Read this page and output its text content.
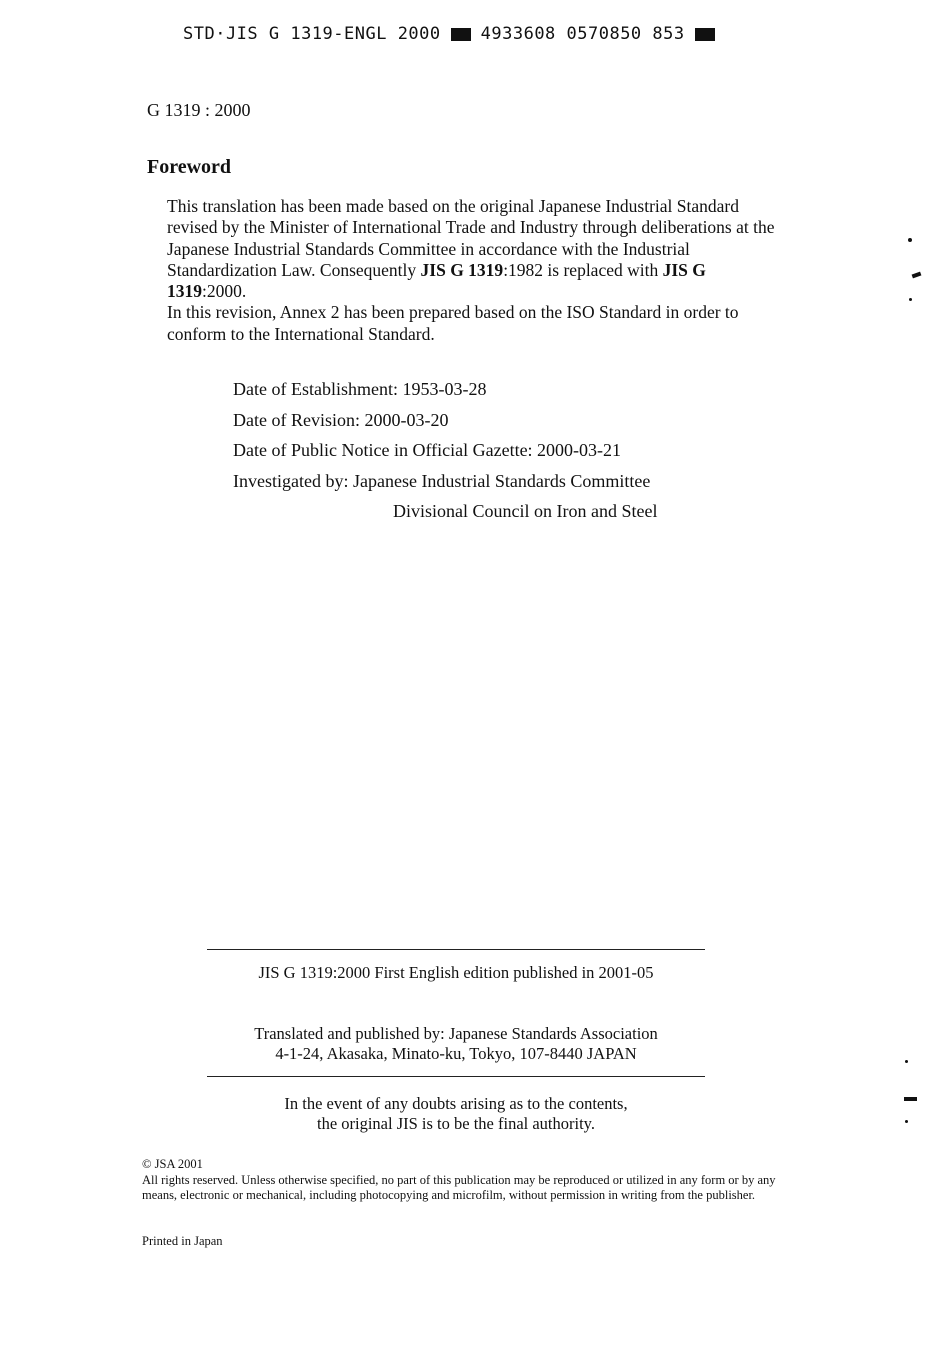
STD·JIS G 1319-ENGL 2000 4933608 0570850 853
G 1319 : 2000
Foreword

This translation has been made based on the original Japanese Industrial Standard revised by the Minister of International Trade and Industry through deliberations at the Japanese Industrial Standards Committee in accordance with the Industrial Standardization Law. Consequently JIS G 1319:1982 is replaced with JIS G 1319:2000.

In this revision, Annex 2 has been prepared based on the ISO Standard in order to conform to the International Standard.

Date of Establishment: 1953-03-28
Date of Revision: 2000-03-20
Date of Public Notice in Official Gazette: 2000-03-21
Investigated by: Japanese Industrial Standards Committee
Divisional Council on Iron and Steel
JIS G 1319:2000 First English edition published in 2001-05
Translated and published by: Japanese Standards Association
4-1-24, Akasaka, Minato-ku, Tokyo, 107-8440 JAPAN
In the event of any doubts arising as to the contents,
the original JIS is to be the final authority.
© JSA 2001
All rights reserved. Unless otherwise specified, no part of this publication may be reproduced or utilized in any form or by any means, electronic or mechanical, including photocopying and microfilm, without permission in writing from the publisher.
Printed in Japan
